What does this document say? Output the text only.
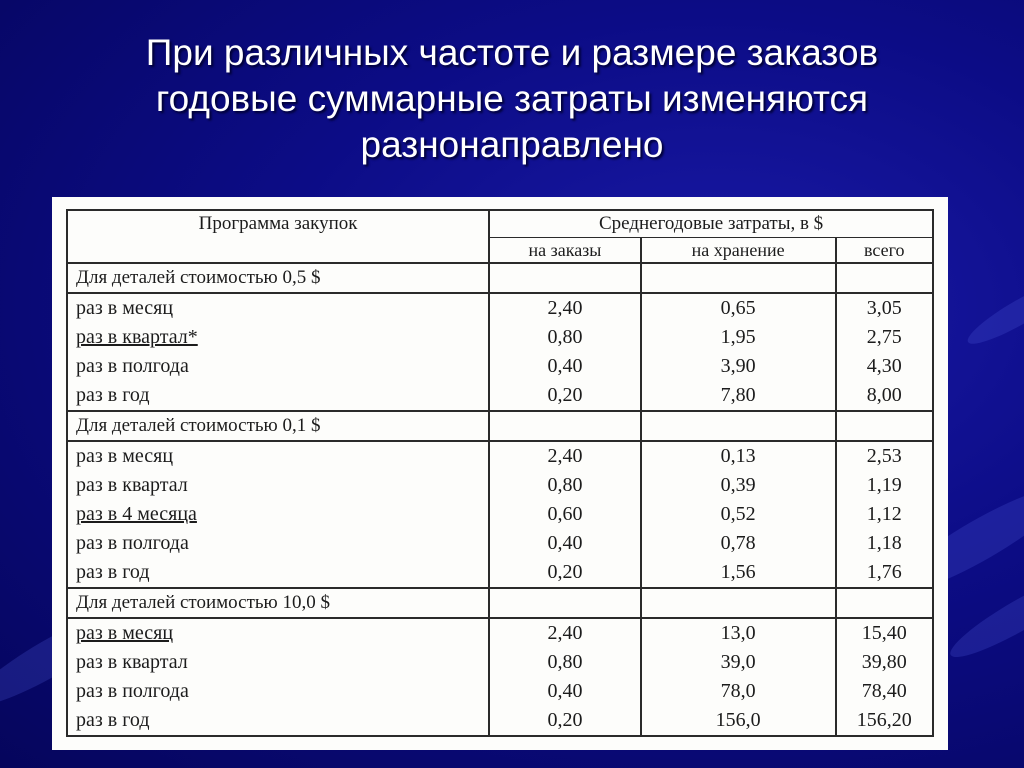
При различных частоте и размере заказов
годовые суммарные затраты изменяются
разнонаправлено
Программа закупок	Среднегодовые затраты, в $		
	на заказы	на хранение	всего
Для деталей стоимостью 0,5 $			
раз в месяц	2,40	0,65	3,05
раз в квартал*	0,80	1,95	2,75
раз в полгода	0,40	3,90	4,30
раз в год	0,20	7,80	8,00
Для деталей стоимостью 0,1 $			
раз в месяц	2,40	0,13	2,53
раз в квартал	0,80	0,39	1,19
раз в 4 месяца	0,60	0,52	1,12
раз в полгода	0,40	0,78	1,18
раз в год	0,20	1,56	1,76
Для деталей стоимостью 10,0 $			
раз в месяц	2,40	13,0	15,40
раз в квартал	0,80	39,0	39,80
раз в полгода	0,40	78,0	78,40
раз в год	0,20	156,0	156,20
